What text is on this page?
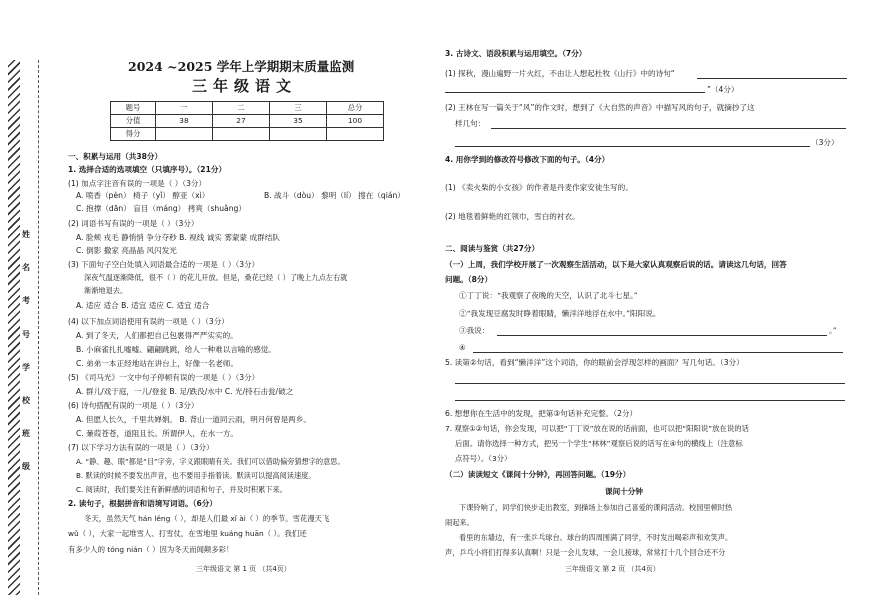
姓
名
考
号
学
校
班
级
2024 ~2025 学年上学期期末质量监测
三年级语文
题号	一	二	三	总分
分值	38	27	35	100
得分				
一、积累与运用（共38分）
1. 选择合适的选项填空（只填序号）。（21分）
(1) 加点字注音有误的一项是（ ）（3分）
A. 喷香（pèn） 椅子（yǐ） 醇亚（xì）	B. 战斗（dòu） 黎明（lí） 搜在（qián）
C. 抱撑（dān） 盲目（máng） 拷爽（shuǎng）
(2) 词语书写有误的一项是（ ）（3分）
A. 脸颊 戎毛 静悄悄 争分夺秒 B. 视线 诚实 雾蒙蒙 成群结队
C. 倒影 撒家 亮晶晶 风闪发光
(3) 下面句子空白处填入词语最合适的一项是（ ）（3分）
深夜气温逐渐降低，很不（ ）的花儿开放。但是，桑花已经（ ）了晚上九点左右就
渐渐地退去。
A. 适应 适合 B. 适宜 适应 C. 适宜 适合
(4) 以下加点词语使用有误的一项是（ ）（3分）
A. 到了冬天，人们都把自己包裹得严严实实的。
B. 小麻雀扎扎嘘嘘、翩翩跳跳，给人一种难以言喻的感觉。
C. 弟弟一本正经地站在讲台上，好像一名老师。
(5) 《司马光》一文中句子停顿有误的一项是（ ）（3分）
A. 群儿/戏于庭，一儿/登瓮 B. 足/跌没/水中 C. 光/持石击瓮/破之
(6) 诗句搭配有误的一项是（ ）（3分）
A. 但愿人长久，千里共婵娟。 B. 背山一道同云雨，明月何曾是两乡。
C. 蒹葭苍苍，道阻且长。所谓伊人，在水一方。
(7) 以下学习方法有误的一项是（ ）（3分）
A. “静、趣、眼”都是“目”字旁，字义跟眼睛有关。我们可以借助偏旁猜想字的意思。
B. 默读的时候不要发出声音，也不要用手指着读。默读可以提高阅读速度。
C. 阅读时，我们要关注有新鲜感的词语和句子，并及时积累下来。
2. 读句子，根据拼音和语境写词语。（6分）
冬天，虽然天气 hán lěng（ ），却是人们最 xǐ ài（ ）的季节。雪花漫天飞
wǔ（ ），大家一起堆雪人、打雪仗，在雪地里 kuáng huān（ ）。我们还
有多少人的 tóng nián（ ）因为冬天而闻颠多彩！
三年级语文 第 1 页 （共4页）
3. 古诗文、语段积累与运用填空。（7分）
(1) 探秋，漫山遍野一片火红，不由让人想起杜牧《山行》中的诗句“
”（4分）
(2) 王林在写一篇关于“风”的作文时，想到了《大自然的声音》中描写风的句子，就摘抄了这
样几句：
（3分）
4. 用你学到的修改符号修改下面的句子。（4分）
(1) 《卖火柴的小女孩》的作者是丹麦作家安徒生写的。
(2) 地毯着鲜艳的红领巾，雪白的衬衣。
二、阅读与鉴赏（共27分）
（一）上周，我们学校开展了一次观察生活活动，以下是大家认真观察后说的话。请读这几句话，回答
问题。（8分）
①丁丁说：“我观察了夜晚的天空，认识了北斗七星。”
②“我发现豆腐发时睁着眼睛，懒洋洋地浮在水中。”阳阳说。
③我说：	。”
④
5. 读第②句话，看到“懒洋洋”这个词语，你的眼前会浮现怎样的画面？写几句话。（3分）
6. 想想你在生活中的发现，把第③句话补充完整。（2分）
7. 观察①②句话，你会发现，可以把“丁丁说”放在说的话前面，也可以把“阳阳说”放在说的话
后面。请你选择一种方式，把另一个学生“林林”观察后说的话写在④句的横线上（注意标
点符号）。（3分）
（二）读读短文《课间十分钟》，再回答问题。（19分）
课间十分钟
下课铃响了，同学们快步走出教室，到操场上参加自己喜爱的课间活动。校园里顿时热
闹起来。
看里的东墙边，有一张乒乓球台。球台的四周围满了同学，不时发出喝彩声和欢笑声。
声，乒乓小将们打得多认真啊！只是一会儿发球，一会儿接球，常常打十几个回合还不分
三年级语文 第 2 页 （共4页）
